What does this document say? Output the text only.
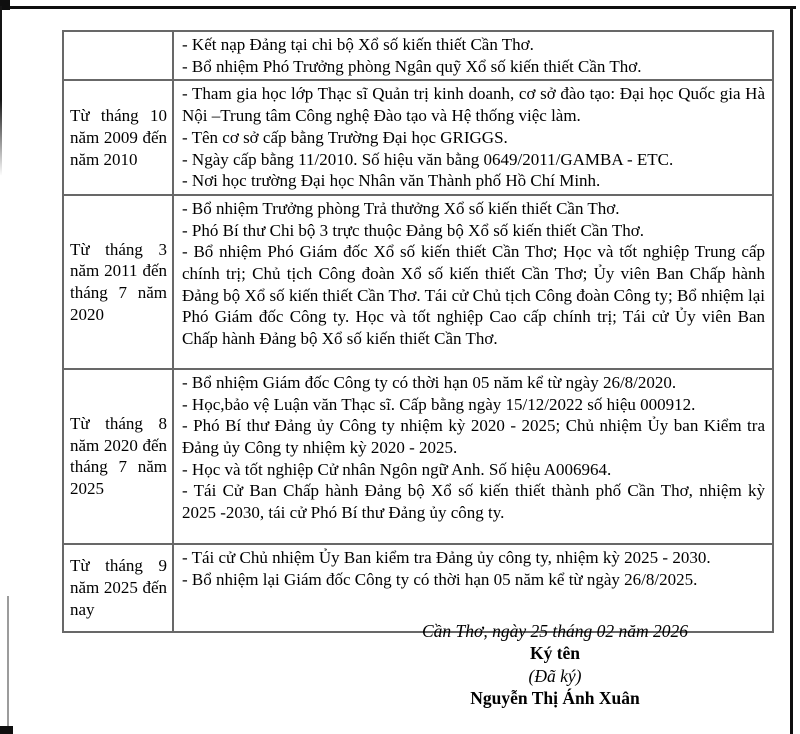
	- Kết nạp Đảng tại chi bộ Xổ số kiến thiết Cần Thơ.
- Bổ nhiệm Phó Trưởng phòng Ngân quỹ Xổ số kiến thiết Cần Thơ.

Từ tháng 10 năm 2009 đến năm 2010	- Tham gia học lớp Thạc sĩ Quản trị kinh doanh, cơ sở đào tạo: Đại học Quốc gia Hà Nội –Trung tâm Công nghệ Đào tạo và Hệ thống việc làm.
- Tên cơ sở cấp bằng Trường Đại học GRIGGS.
- Ngày cấp bằng 11/2010. Số hiệu văn bằng 0649/2011/GAMBA - ETC.
- Nơi học trường Đại học Nhân văn Thành phố Hồ Chí Minh.

Từ tháng 3 năm 2011 đến tháng 7 năm 2020	- Bổ nhiệm Trưởng phòng Trả thưởng Xổ số kiến thiết Cần Thơ.
- Phó Bí thư Chi bộ 3 trực thuộc Đảng bộ Xổ số kiến thiết Cần Thơ.
- Bổ nhiệm Phó Giám đốc Xổ số kiến thiết Cần Thơ; Học và tốt nghiệp Trung cấp chính trị; Chủ tịch Công đoàn Xổ số kiến thiết Cần Thơ; Ủy viên Ban Chấp hành Đảng bộ Xổ số kiến thiết Cần Thơ. Tái cử Chủ tịch Công đoàn Công ty; Bổ nhiệm lại Phó Giám đốc Công ty. Học và tốt nghiệp Cao cấp chính trị; Tái cử Ủy viên Ban Chấp hành Đảng bộ Xổ số kiến thiết Cần Thơ.

Từ tháng 8 năm 2020 đến tháng 7 năm 2025	- Bổ nhiệm Giám đốc Công ty có thời hạn 05 năm kể từ ngày 26/8/2020.
- Học,bảo vệ Luận văn Thạc sĩ. Cấp bằng ngày 15/12/2022 số hiệu 000912.
- Phó Bí thư Đảng ủy Công ty nhiệm kỳ 2020 - 2025; Chủ nhiệm Ủy ban Kiểm tra Đảng ủy Công ty nhiệm kỳ 2020 - 2025.
- Học và tốt nghiệp Cử nhân Ngôn ngữ Anh. Số hiệu A006964.
- Tái Cử Ban Chấp hành Đảng bộ Xổ số kiến thiết thành phố Cần Thơ, nhiệm kỳ 2025 -2030, tái cử Phó Bí thư Đảng ủy công ty.

Từ tháng 9 năm 2025 đến nay	- Tái cử Chủ nhiệm Ủy Ban kiểm tra Đảng ủy công ty, nhiệm kỳ 2025 - 2030.
- Bổ nhiệm lại Giám đốc Công ty có thời hạn 05 năm kể từ ngày 26/8/2025.
Cần Thơ, ngày 25 tháng 02 năm 2026
Ký tên
(Đã ký)
Nguyễn Thị Ánh Xuân
